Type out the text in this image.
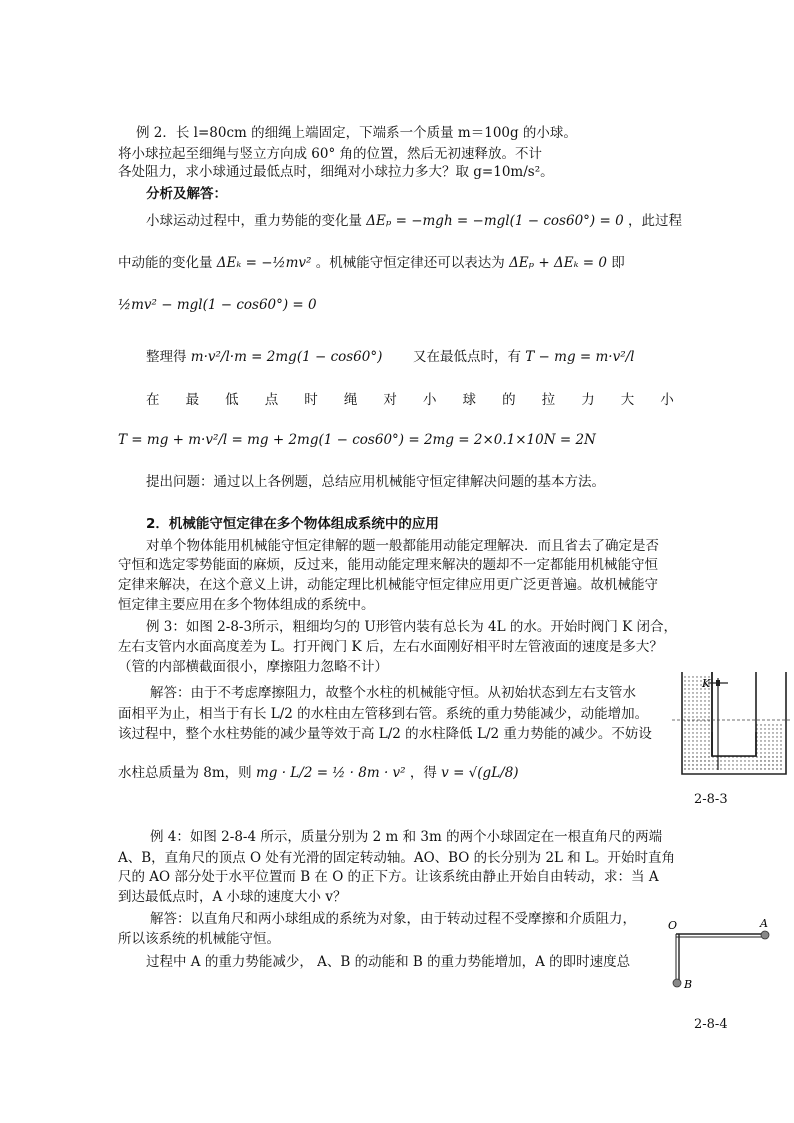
例 2．长 l=80cm 的细绳上端固定，下端系一个质量 m＝100g 的小球。
将小球拉起至细绳与竖立方向成 60° 角的位置，然后无初速释放。不计
各处阻力，求小球通过最低点时，细绳对小球拉力多大？取 g=10m/s²。
分析及解答：
小球运动过程中，重力势能的变化量 ΔEₚ = −mgh = −mgl(1 − cos60°) = 0 ，此过程
中动能的变化量 ΔEₖ = −½mv² 。机械能守恒定律还可以表达为 ΔEₚ + ΔEₖ = 0 即
½mv² − mgl(1 − cos60°) = 0
整理得 m·v²/l·m = 2mg(1 − cos60°) 又在最低点时，有 T − mg = m·v²/l
在 最 低 点 时 绳 对 小 球 的 拉 力 大 小
T = mg + m·v²/l = mg + 2mg(1 − cos60°) = 2mg = 2×0.1×10N = 2N
提出问题：通过以上各例题，总结应用机械能守恒定律解决问题的基本方法。
2．机械能守恒定律在多个物体组成系统中的应用
对单个物体能用机械能守恒定律解的题一般都能用动能定理解决．而且省去了确定是否
守恒和选定零势能面的麻烦，反过来，能用动能定理来解决的题却不一定都能用机械能守恒
定律来解决，在这个意义上讲，动能定理比机械能守恒定律应用更广泛更普遍。故机械能守
恒定律主要应用在多个物体组成的系统中。
例 3：如图 2-8-3所示，粗细均匀的 U形管内装有总长为 4L 的水。开始时阀门 K 闭合，
左右支管内水面高度差为 L。打开阀门 K 后，左右水面刚好相平时左管液面的速度是多大？
（管的内部横截面很小，摩擦阻力忽略不计）
解答：由于不考虑摩擦阻力，故整个水柱的机械能守恒。从初始状态到左右支管水
面相平为止，相当于有长 L/2 的水柱由左管移到右管。系统的重力势能减少，动能增加。
该过程中，整个水柱势能的减少量等效于高 L/2 的水柱降低 L/2 重力势能的减少。不妨设
水柱总质量为 8m，则 mg · L/2 = ½ · 8m · v² ，得 v = √(gL/8)
K
2-8-3
例 4：如图 2-8-4 所示，质量分别为 2 m 和 3m 的两个小球固定在一根直角尺的两端
A、B，直角尺的顶点 O 处有光滑的固定转动轴。AO、BO 的长分别为 2L 和 L。开始时直角
尺的 AO 部分处于水平位置而 B 在 O 的正下方。让该系统由静止开始自由转动，求：当 A
到达最低点时，A 小球的速度大小 v？
解答：以直角尺和两小球组成的系统为对象，由于转动过程不受摩擦和介质阻力，
所以该系统的机械能守恒。
过程中 A 的重力势能减少， A、B 的动能和 B 的重力势能增加，A 的即时速度总
O	A
B
2-8-4
